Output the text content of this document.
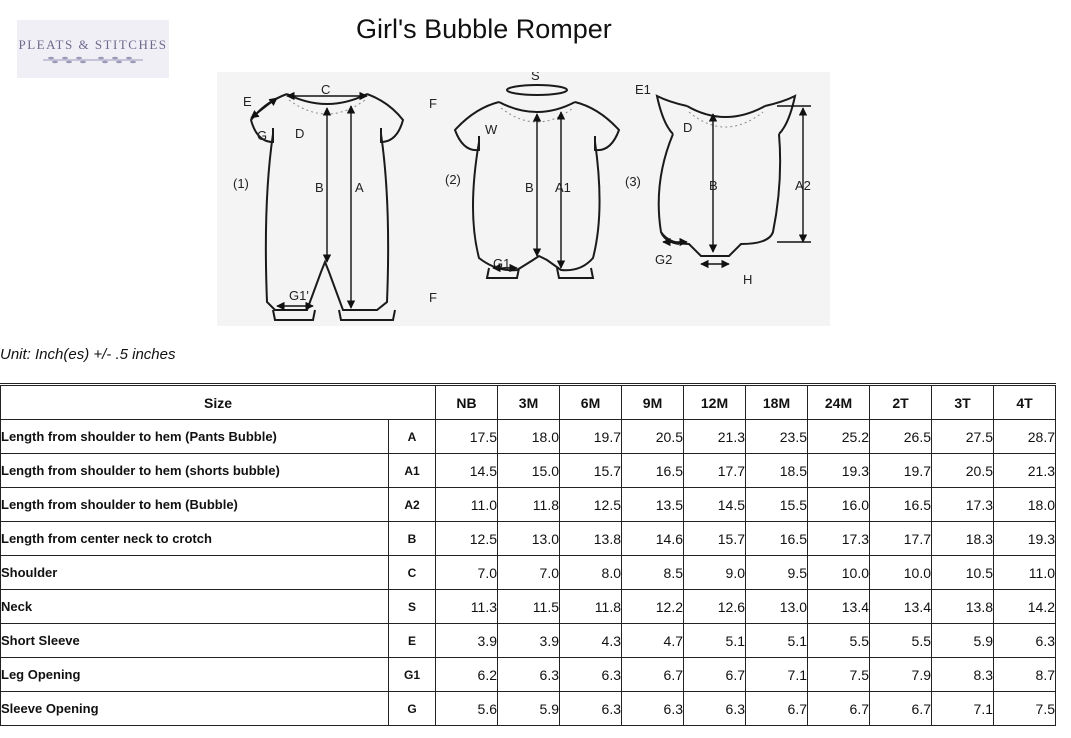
PLEATS & STITCHES
Girl's Bubble Romper
C
E
G D
F
B A
(1)
G1'	F
S
W
B A1
(2)
G1
E1
D
(3)	B	A2
G2
H
Unit: Inch(es) +/- .5 inches
Size		NB	3M	6M	9M	12M	18M	24M	2T	3T	4T
Length from shoulder to hem (Pants Bubble)	A	17.5	18.0	19.7	20.5	21.3	23.5	25.2	26.5	27.5	28.7
Length from shoulder to hem (shorts bubble)	A1	14.5	15.0	15.7	16.5	17.7	18.5	19.3	19.7	20.5	21.3
Length from shoulder to hem (Bubble)	A2	11.0	11.8	12.5	13.5	14.5	15.5	16.0	16.5	17.3	18.0
Length from center neck to crotch	B	12.5	13.0	13.8	14.6	15.7	16.5	17.3	17.7	18.3	19.3
Shoulder	C	7.0	7.0	8.0	8.5	9.0	9.5	10.0	10.0	10.5	11.0
Neck	S	11.3	11.5	11.8	12.2	12.6	13.0	13.4	13.4	13.8	14.2
Short Sleeve	E	3.9	3.9	4.3	4.7	5.1	5.1	5.5	5.5	5.9	6.3
Leg Opening	G1	6.2	6.3	6.3	6.7	6.7	7.1	7.5	7.9	8.3	8.7
Sleeve Opening	G	5.6	5.9	6.3	6.3	6.3	6.7	6.7	6.7	7.1	7.5
